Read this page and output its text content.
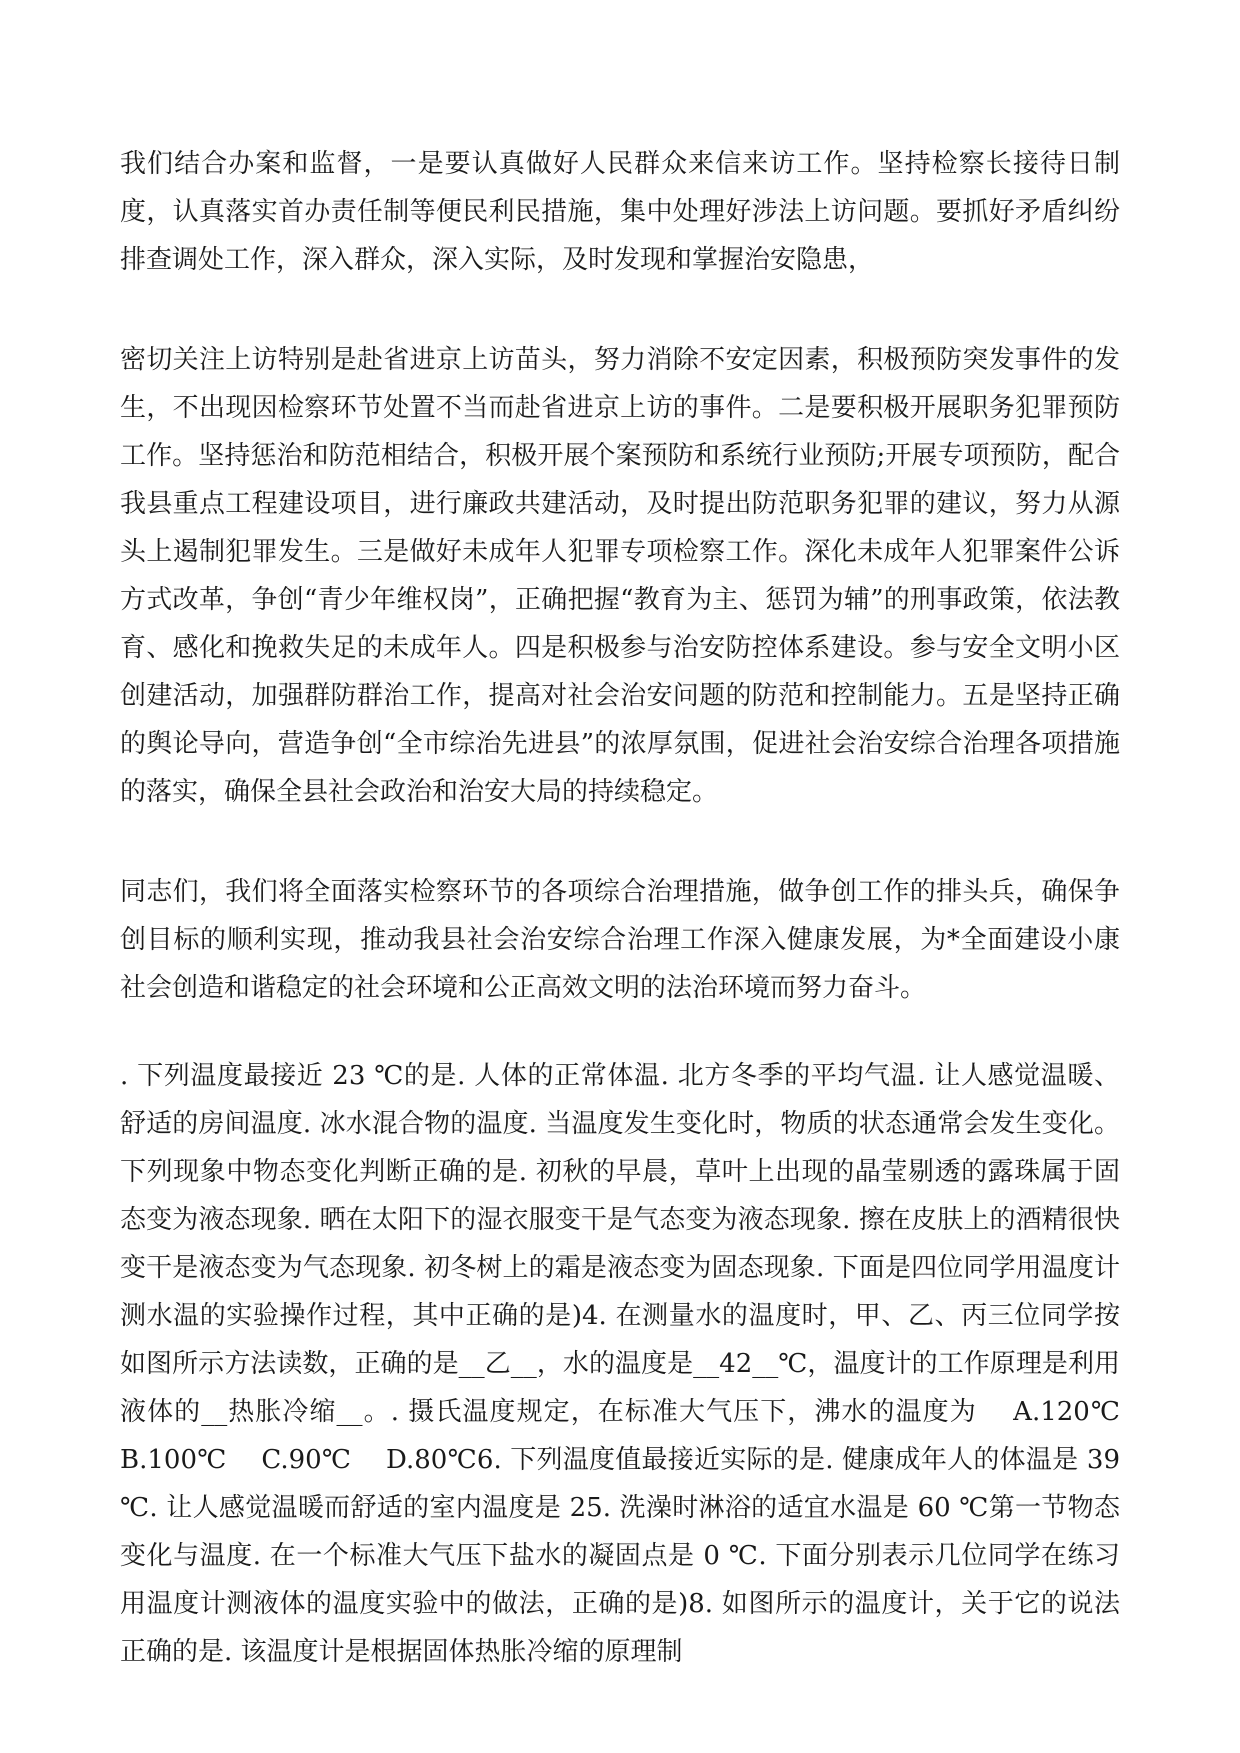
我们结合办案和监督，一是要认真做好人民群众来信来访工作。坚持检察长接待日制度，认真落实首办责任制等便民利民措施，集中处理好涉法上访问题。要抓好矛盾纠纷排查调处工作，深入群众，深入实际，及时发现和掌握治安隐患，

密切关注上访特别是赴省进京上访苗头，努力消除不安定因素，积极预防突发事件的发生，不出现因检察环节处置不当而赴省进京上访的事件。二是要积极开展职务犯罪预防工作。坚持惩治和防范相结合，积极开展个案预防和系统行业预防;开展专项预防，配合我县重点工程建设项目，进行廉政共建活动，及时提出防范职务犯罪的建议，努力从源头上遏制犯罪发生。三是做好未成年人犯罪专项检察工作。深化未成年人犯罪案件公诉方式改革，争创“青少年维权岗”，正确把握“教育为主、惩罚为辅”的刑事政策，依法教育、感化和挽救失足的未成年人。四是积极参与治安防控体系建设。参与安全文明小区创建活动，加强群防群治工作，提高对社会治安问题的防范和控制能力。五是坚持正确的舆论导向，营造争创“全市综治先进县”的浓厚氛围，促进社会治安综合治理各项措施的落实，确保全县社会政治和治安大局的持续稳定。

同志们，我们将全面落实检察环节的各项综合治理措施，做争创工作的排头兵，确保争创目标的顺利实现，推动我县社会治安综合治理工作深入健康发展，为*全面建设小康社会创造和谐稳定的社会环境和公正高效文明的法治环境而努力奋斗。

. 下列温度最接近 23 ℃的是. 人体的正常体温. 北方冬季的平均气温. 让人感觉温暖、舒适的房间温度. 冰水混合物的温度. 当温度发生变化时，物质的状态通常会发生变化。下列现象中物态变化判断正确的是. 初秋的早晨，草叶上出现的晶莹剔透的露珠属于固态变为液态现象. 晒在太阳下的湿衣服变干是气态变为液态现象. 擦在皮肤上的酒精很快变干是液态变为气态现象. 初冬树上的霜是液态变为固态现象. 下面是四位同学用温度计测水温的实验操作过程，其中正确的是)4. 在测量水的温度时，甲、乙、丙三位同学按如图所示方法读数，正确的是__乙__，水的温度是__42__℃，温度计的工作原理是利用液体的__热胀冷缩__。. 摄氏温度规定，在标准大气压下，沸水的温度为　 A.120℃　 B.100℃　 C.90℃　 D.80℃6. 下列温度值最接近实际的是. 健康成年人的体温是 39 ℃. 让人感觉温暖而舒适的室内温度是 25. 洗澡时淋浴的适宜水温是 60 ℃第一节物态变化与温度. 在一个标准大气压下盐水的凝固点是 0 ℃. 下面分别表示几位同学在练习用温度计测液体的温度实验中的做法，正确的是)8. 如图所示的温度计，关于它的说法正确的是. 该温度计是根据固体热胀冷缩的原理制
